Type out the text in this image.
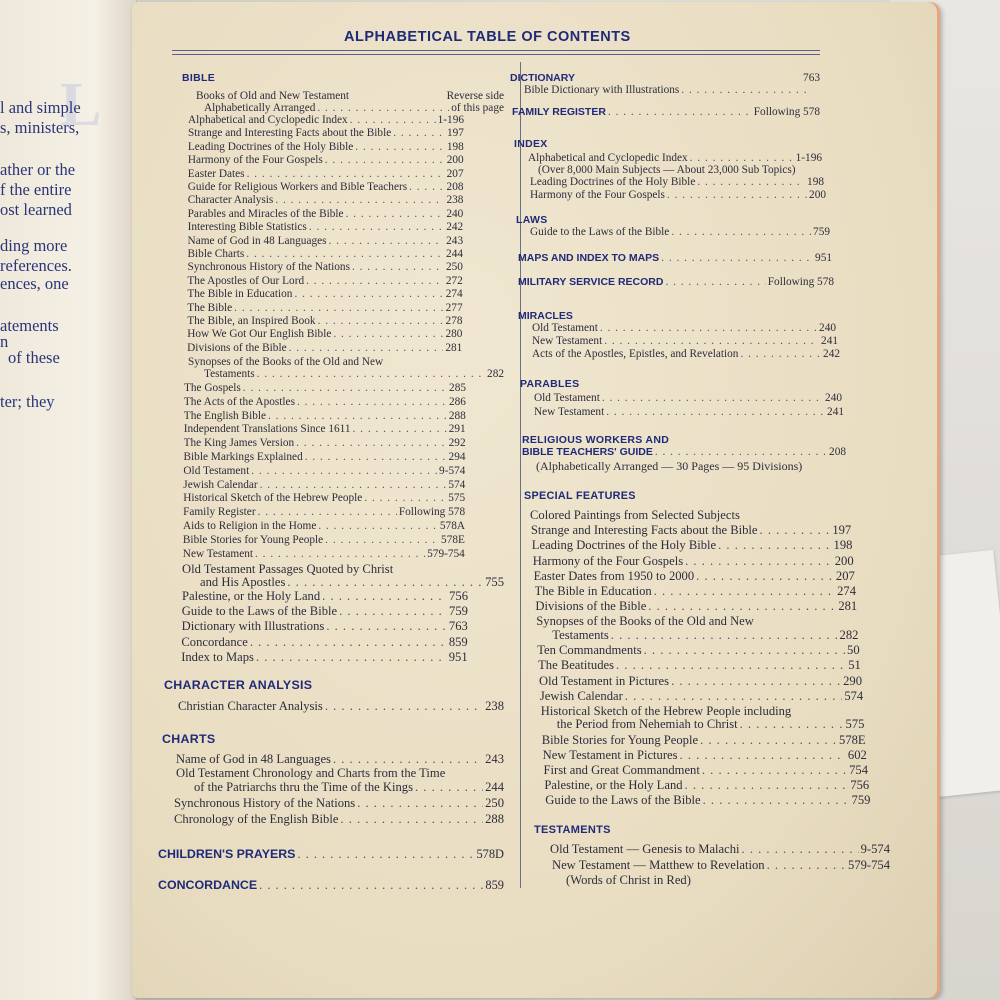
L
l and simple
s, ministers,
ather or the
f the entire
ost learned
ding more
references.
ences, one
atements
n
of these
ter; they
ALPHABETICAL TABLE OF CONTENTS
BIBLE
Books of Old and New Testament	Reverse side
Alphabetically Arranged . . .	of this page
Alphabetical and Cyclopedic Index . . .	1-196
Strange and Interesting Facts about the Bible . . .	197
Leading Doctrines of the Holy Bible . . .	198
Harmony of the Four Gospels . . .	200
Easter Dates . . .	207
Guide for Religious Workers and Bible Teachers . . .	208
Character Analysis . . .	238
Parables and Miracles of the Bible . . .	240
Interesting Bible Statistics . . .	242
Name of God in 48 Languages . . .	243
Bible Charts . . .	244
Synchronous History of the Nations . . .	250
The Apostles of Our Lord . . .	272
The Bible in Education . . .	274
The Bible . . .	277
The Bible, an Inspired Book . . .	278
How We Got Our English Bible . . .	280
Divisions of the Bible . . .	281
Synopses of the Books of the Old and New
Testaments . . .	282
The Gospels . . .	285
The Acts of the Apostles . . .	286
The English Bible . . .	288
Independent Translations Since 1611 . . .	291
The King James Version . . .	292
Bible Markings Explained . . .	294
Old Testament . . .	9-574
Jewish Calendar . . .	574
Historical Sketch of the Hebrew People . . .	575
Family Register . . .	Following 578
Aids to Religion in the Home . . .	578A
Bible Stories for Young People . . .	578E
New Testament . . .	579-754
Old Testament Passages Quoted by Christ
and His Apostles . . .	755
Palestine, or the Holy Land . . .	756
Guide to the Laws of the Bible . . .	759
Dictionary with Illustrations . . .	763
Concordance . . .	859
Index to Maps . . .	951
CHARACTER ANALYSIS
Christian Character Analysis . . .	238
CHARTS
Name of God in 48 Languages . . .	243
Old Testament Chronology and Charts from the Time
of the Patriarchs thru the Time of the Kings . . .	244
Synchronous History of the Nations . . .	250
Chronology of the English Bible . . .	288
CHILDREN'S PRAYERS . . .	578D
CONCORDANCE . . .	859
DICTIONARY	763
Bible Dictionary with Illustrations
. . .
FAMILY REGISTER . . .	Following 578
INDEX
Alphabetical and Cyclopedic Index . . .	1-196
(Over 8,000 Main Subjects — About 23,000 Sub Topics)
Leading Doctrines of the Holy Bible . . .	198
Harmony of the Four Gospels . . .	200
LAWS
Guide to the Laws of the Bible . . .	759
MAPS AND INDEX TO MAPS . . .	951
MILITARY SERVICE RECORD . . .	Following 578
MIRACLES
Old Testament . . .	240
New Testament . . .	241
Acts of the Apostles, Epistles, and Revelation . . .	242
PARABLES
Old Testament . . .	240
New Testament . . .	241
RELIGIOUS WORKERS AND
BIBLE TEACHERS' GUIDE . . .	208
(Alphabetically Arranged — 30 Pages — 95 Divisions)
SPECIAL FEATURES
Colored Paintings from Selected Subjects
Strange and Interesting Facts about the Bible . . .	197
Leading Doctrines of the Holy Bible . . .	198
Harmony of the Four Gospels . . .	200
Easter Dates from 1950 to 2000 . . .	207
The Bible in Education . . .	274
Divisions of the Bible . . .	281
Synopses of the Books of the Old and New
Testaments . . .	282
Ten Commandments . . .	50
The Beatitudes . . .	51
Old Testament in Pictures . . .	290
Jewish Calendar . . .	574
Historical Sketch of the Hebrew People including
the Period from Nehemiah to Christ . . .	575
Bible Stories for Young People . . .	578E
New Testament in Pictures . . .	602
First and Great Commandment . . .	754
Palestine, or the Holy Land . . .	756
Guide to the Laws of the Bible . . .	759
TESTAMENTS
Old Testament — Genesis to Malachi . . .	9-574
New Testament — Matthew to Revelation . . .	579-754
(Words of Christ in Red)
